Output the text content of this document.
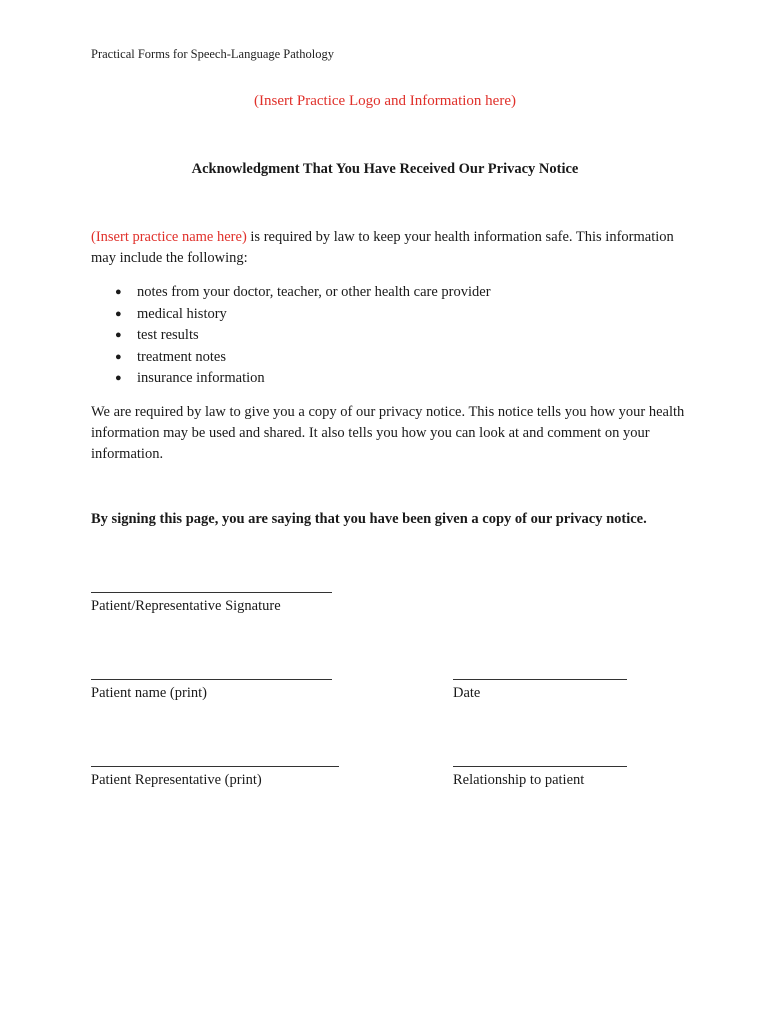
Practical Forms for Speech-Language Pathology
(Insert Practice Logo and Information here)
Acknowledgment That You Have Received Our Privacy Notice
(Insert practice name here) is required by law to keep your health information safe. This information may include the following:
● notes from your doctor, teacher, or other health care provider
● medical history
● test results
● treatment notes
● insurance information
We are required by law to give you a copy of our privacy notice. This notice tells you how your health information may be used and shared. It also tells you how you can look at and comment on your information.
By signing this page, you are saying that you have been given a copy of our privacy notice.
Patient/Representative Signature
Patient name (print)	Date
Patient Representative (print)	Relationship to patient
